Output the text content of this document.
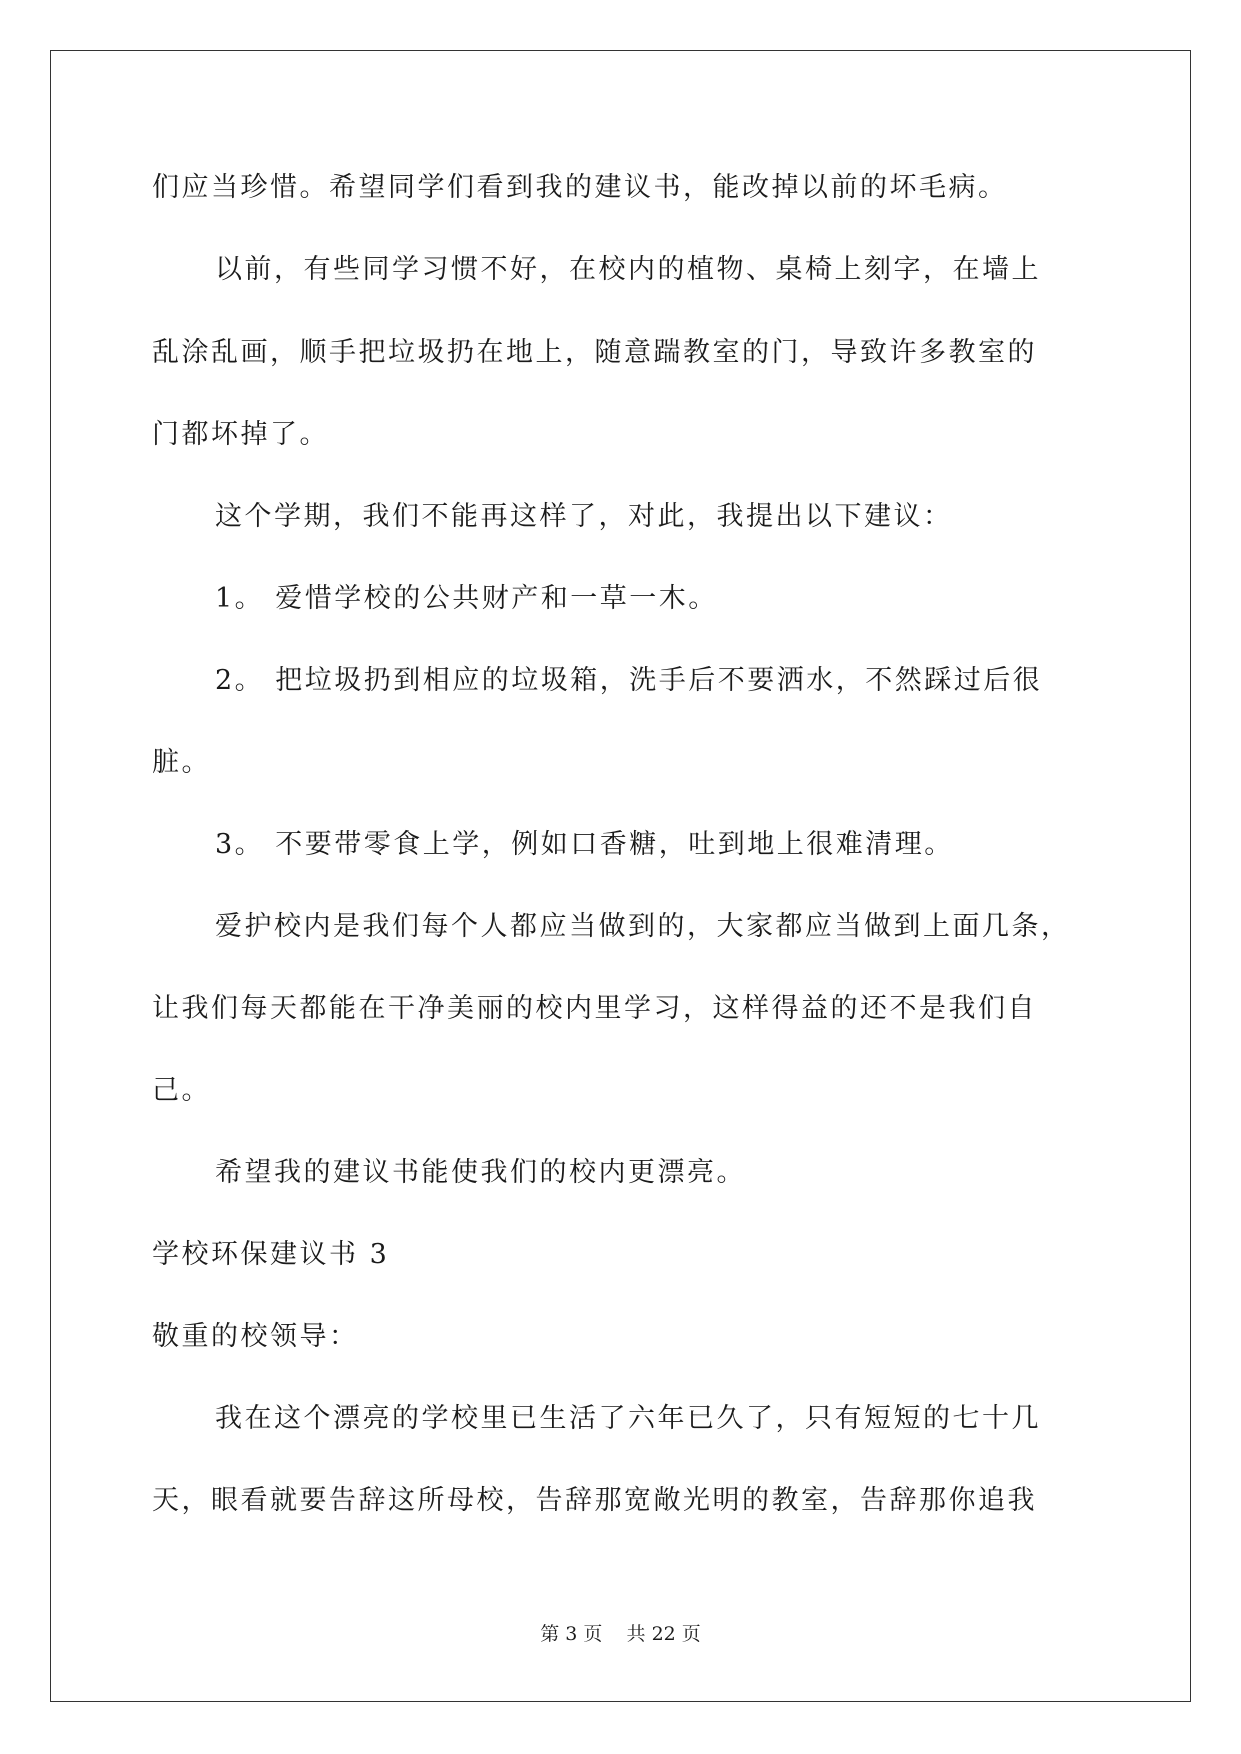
们应当珍惜。希望同学们看到我的建议书，能改掉以前的坏毛病。
以前，有些同学习惯不好，在校内的植物、桌椅上刻字，在墙上
乱涂乱画，顺手把垃圾扔在地上，随意踹教室的门，导致许多教室的
门都坏掉了。
这个学期，我们不能再这样了，对此，我提出以下建议：
1。 爱惜学校的公共财产和一草一木。
2。 把垃圾扔到相应的垃圾箱，洗手后不要洒水，不然踩过后很
脏。
3。 不要带零食上学，例如口香糖，吐到地上很难清理。
爱护校内是我们每个人都应当做到的，大家都应当做到上面几条，
让我们每天都能在干净美丽的校内里学习，这样得益的还不是我们自
己。
希望我的建议书能使我们的校内更漂亮。
学校环保建议书 3
敬重的校领导：
我在这个漂亮的学校里已生活了六年已久了，只有短短的七十几
天，眼看就要告辞这所母校，告辞那宽敞光明的教室，告辞那你追我
第 3 页 共 22 页
